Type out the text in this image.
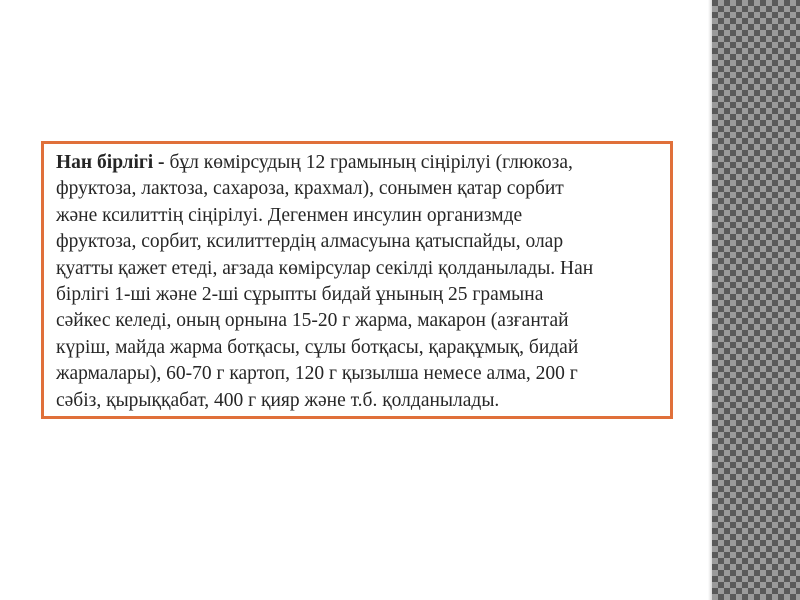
Нан бірлігі - бұл көмірсудың 12 грамының сіңірілуі (глюкоза,
фруктоза, лактоза, сахароза, крахмал), сонымен қатар сорбит
және ксилиттің сіңірілуі. Дегенмен инсулин организмде
фруктоза, сорбит, ксилиттердің алмасуына қатыспайды, олар
қуатты қажет етеді, ағзада көмірсулар секілді қолданылады. Нан
бірлігі 1-ші және 2-ші сұрыпты бидай ұнының 25 грамына
сәйкес келеді, оның орнына 15-20 г жарма, макарон (азғантай
күріш, майда жарма ботқасы, сұлы ботқасы, қарақұмық, бидай
жармалары), 60-70 г картоп, 120 г қызылша немесе алма, 200 г
сәбіз, қырыққабат, 400 г қияр және т.б. қолданылады.
